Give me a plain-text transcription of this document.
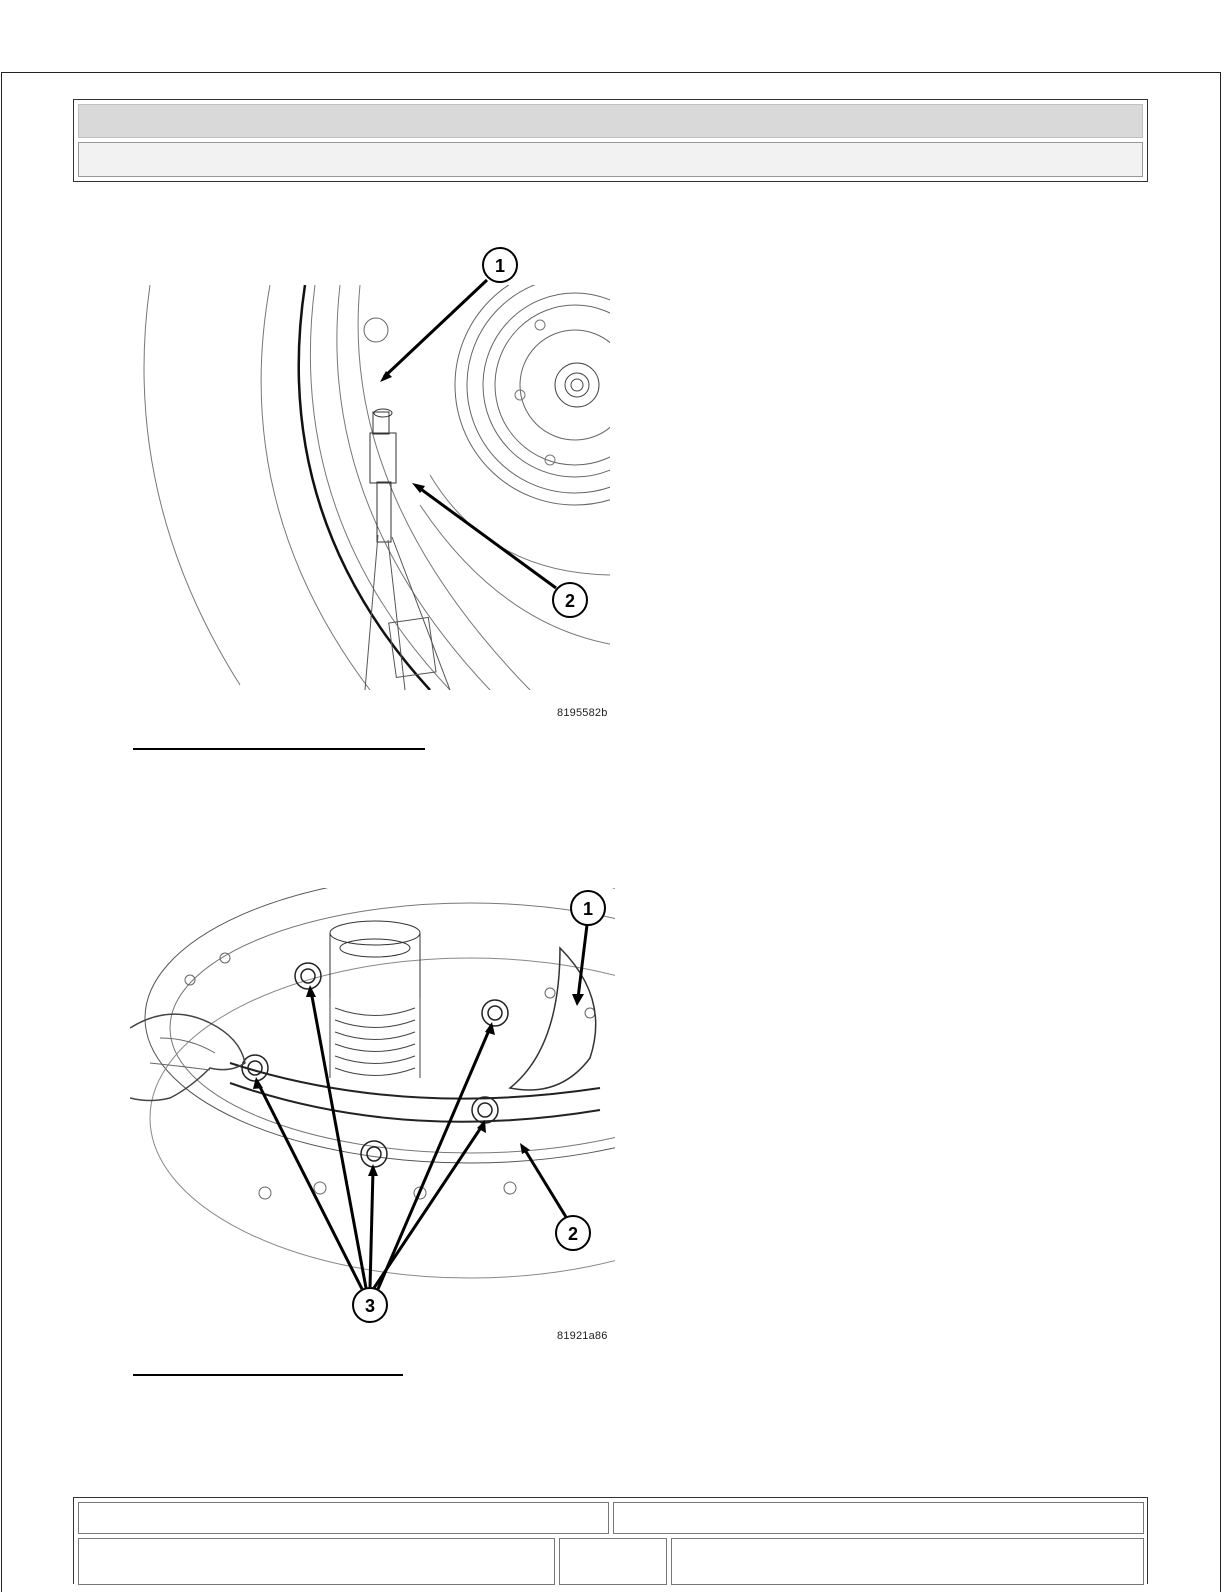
1
2
8195582b
1
2
3
81921a86
